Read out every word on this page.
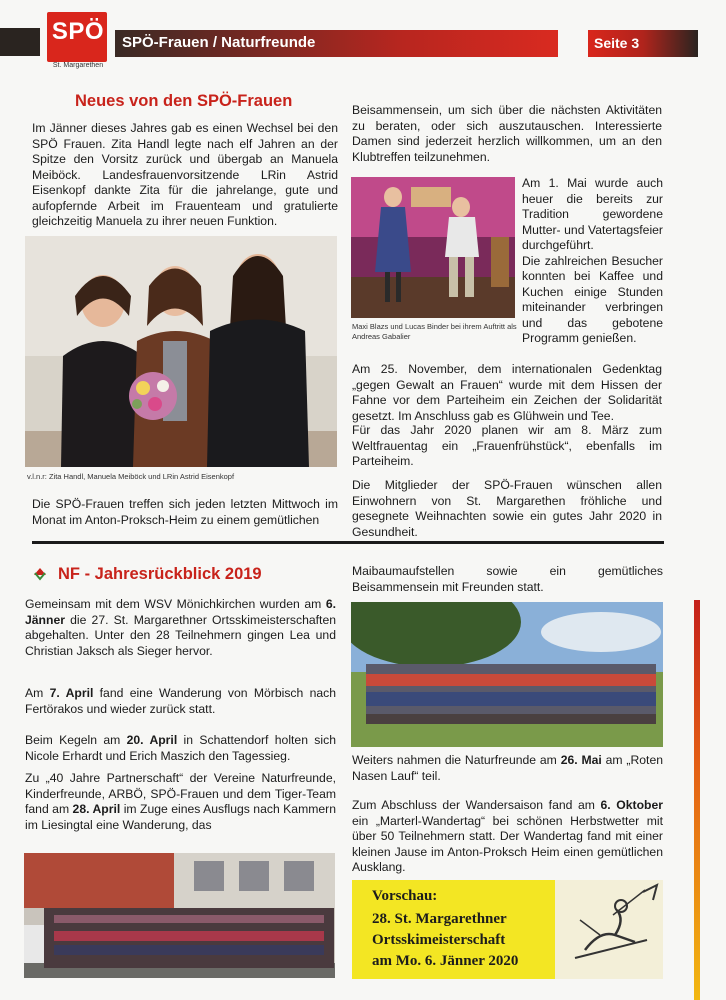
SPÖ
St. Margarethen
SPÖ-Frauen / Naturfreunde	Seite 3
Neues von den SPÖ-Frauen
Im Jänner dieses Jahres gab es einen Wechsel bei den SPÖ Frauen. Zita Handl legte nach elf Jahren an der Spitze den Vorsitz zurück und übergab an Manuela Meiböck. Landesfrauenvorsitzende LRin Astrid Eisenkopf dankte Zita für die jahrelange, gute und aufopfernde Arbeit im Frauenteam und gratulierte gleichzeitig Manuela zu ihrer neuen Funktion.
v.l.n.r: Zita Handl, Manuela Meiböck und LRin Astrid Eisenkopf
Die SPÖ-Frauen treffen sich jeden letzten Mittwoch im Monat im Anton-Proksch-Heim zu einem gemütlichen
Beisammensein, um sich über die nächsten Aktivitäten zu beraten, oder sich auszutauschen. Interessierte Damen sind jederzeit herzlich willkommen, um an den Klubtreffen teilzunehmen.
Maxi Blazs und Lucas Binder bei ihrem Auftritt als Andreas Gabalier
Am 1. Mai wurde auch
heuer die bereits zur
Tradition gewordene
Mutter- und Vatertagsfeier
durchgeführt.
Die zahlreichen Besucher
konnten bei Kaffee und
Kuchen einige Stunden
miteinander verbringen
und das gebotene
Programm genießen.
Am 25. November, dem internationalen Gedenktag „gegen Gewalt an Frauen“ wurde mit dem Hissen der Fahne vor dem Parteiheim ein Zeichen der Solidarität gesetzt. Im Anschluss gab es Glühwein und Tee.
Für das Jahr 2020 planen wir am 8. März zum Weltfrauentag ein „Frauenfrühstück“, ebenfalls im Parteiheim.
Die Mitglieder der SPÖ-Frauen wünschen allen Einwohnern von St. Margarethen fröhliche und gesegnete Weihnachten sowie ein gutes Jahr 2020 in Gesundheit.
NF - Jahresrückblick 2019
Gemeinsam mit dem WSV Mönichkirchen wurden am 6. Jänner die 27. St. Margarethner Ortsskimeisterschaften abgehalten. Unter den 28 Teilnehmern gingen Lea und Christian Jaksch als Sieger hervor.
Am 7. April fand eine Wanderung von Mörbisch nach Fertörakos und wieder zurück statt.
Beim Kegeln am 20. April in Schattendorf holten sich Nicole Erhardt und Erich Maszich den Tagessieg.
Zu „40 Jahre Partnerschaft“ der Vereine Naturfreunde, Kinderfreunde, ARBÖ, SPÖ-Frauen und dem Tiger-Team fand am 28. April im Zuge eines Ausflugs nach Kammern im Liesingtal eine Wanderung, das
Maibaumaufstellen sowie ein gemütliches Beisammensein mit Freunden statt.
Weiters nahmen die Naturfreunde am 26. Mai am „Roten Nasen Lauf“ teil.
Zum Abschluss der Wandersaison fand am 6. Oktober ein „Marterl-Wandertag“ bei schönen Herbstwetter mit über 50 Teilnehmern statt. Der Wandertag fand mit einer kleinen Jause im Anton-Proksch Heim einen gemütlichen Ausklang.
Vorschau:
28. St. Margarethner
Ortsskimeisterschaft
am Mo. 6. Jänner 2020
